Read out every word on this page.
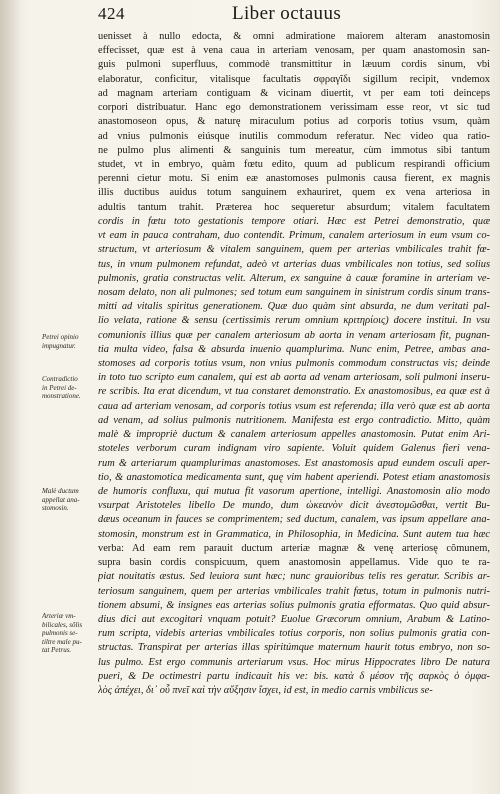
424	Liber octauus
uenisset à nullo edocta, & omni admiratione maiorem alteram anastomosin
effecisset, quæ est à vena caua in arteriam venosam, per quam anastomosin san-
guis pulmoni superfluus, commodè transmittitur in læuum cordis sinum, vbi
elaboratur, conficitur, vitalisque facultatis σφραγῖδι sigillum recipit, vndemox
ad magnam arteriam contiguam & vicinam diuertit, vt per eam toti deinceps
corpori distribuatur. Hanc ego demonstrationem verissimam esse reor, vt sic tud
anastomoseon opus, & naturę miraculum potius ad corporis totius vsum, quàm
ad vnius pulmonis eiúsque inutilis commodum referatur. Nec video qua ratio-
ne pulmo plus alimenti & sanguinis tum mereatur, cùm immotus sibi tantum
studet, vt in embryo, quàm fœtu edito, quum ad publicum respirandi officium
perenni cietur motu. Si enim eæ anastomoses pulmonis causa fierent, ex magnis
illis ductibus auidus totum sanguinem exhauriret, quem ex vena arteriosa in
adultis tantum trahit. Præterea hoc sequeretur absurdum; vitalem facultatem
cordis in fœtu toto gestationis tempore otiari. Hæc est Petrei demonstratio, quæ
vt eam in pauca contraham, duo contendit. Primum, canalem arteriosum in eum vsum co-
structum, vt arteriosum & vitalem sanguinem, quem per arterias vmbilicales trahit fœ-
tus, in vnum pulmonem refundat, adeò vt arterias duas vmbilicales non totius, sed solius
pulmonis, gratia constructas velit. Alterum, ex sanguine à cauæ foramine in arteriam ve-
nosam delato, non ali pulmones; sed totum eum sanguinem in sinistrum cordis sinum trans-
mitti ad vitalis spiritus generationem. Quæ duo quàm sint absurda, ne dum veritati pal-
lio velata, ratione & sensu (certissimis rerum omnium κριτηρίοις) docere institui. In vsu
comunionis illius quæ per canalem arteriosum ab aorta in venam arteriosam fit, pugnan-
tia multa video, falsa & absurda inuenio quamplurima. Nunc enim, Petree, ambas ana-
stomoses ad corporis totius vsum, non vnius pulmonis commodum constructas vis; deinde
in toto tuo scripto eum canalem, qui est ab aorta ad venam arteriosam, soli pulmoni inseru-
re scribis. Ita erat dicendum, vt tua constaret demonstratio. Ex anastomosibus, ea quæ est à
caua ad arteriam venosam, ad corporis totius vsum est referenda; illa verò quæ est ab aorta
ad venam, ad solius pulmonis nutritionem. Manifesta est ergo contradictio. Mitto, quàm
malè & impropriè ductum & canalem arteriosum appelles anastomosin. Putat enim Ari-
stoteles verborum curam indignam viro sapiente. Voluit quidem Galenus fieri vena-
rum & arteriarum quamplurimas anastomoses. Est anastomosis apud eundem osculi aper-
tio, & anastomotica medicamenta sunt, quę vim habent aperiendi. Potest etiam anastomosis
de humoris confluxu, qui mutua fit vasorum apertione, intelligi. Anastomosin alio modo
vsurpat Aristoteles libello De mundo, dum ὠκεανὸν dicit ἀνεστομῶσθαι, vertit Bu-
dæus oceanum in fauces se comprimentem; sed ductum, canalem, vas ipsum appellare ana-
stomosin, monstrum est in Grammatica, in Philosophia, in Medicina. Sunt autem tua hæc
verba: Ad eam rem parauit ductum arteriæ magnæ & venę arteriosę cõmunem,
supra basin cordis conspicuum, quem anastomosin appellamus. Vide quo te ra-
piat nouitatis æstus. Sed leuiora sunt hæc; nunc grauioribus telis res geratur. Scribis ar-
teriosum sanguinem, quem per arterias vmbilicales trahit fœtus, totum in pulmonis nutri-
tionem absumi, & insignes eas arterias solius pulmonis gratia efformatas. Quo quid absur-
dius dici aut excogitari vnquam potuit? Euolue Græcorum omnium, Arabum & Latino-
rum scripta, videbis arterias vmbilicales totius corporis, non solius pulmonis gratia con-
structas. Transpirat per arterias illas spiritúmque maternum haurit totus embryo, non so-
lus pulmo. Est ergo communis arteriarum vsus. Hoc mirus Hippocrates libro De natura
pueri, & De octimestri partu indicauit his ve: bis. κατὰ δ μέσον τῆς σαρκὸς ὁ ὀμφα-
λὸς ἀπέχει, δι᾽ οὗ πνεῖ καὶ τὴν αὔξησιν ἴσχει, id est, in medio carnis vmbilicus se-
Petrei opinio
impugnatur.
Contradictio
in Petrei de-
monstratione.
Malè ductum
appellat ana-
stomosin.
Arteriæ vm-
bilicales, sõlis
pulmonis se-
tiltre male pu-
tat Petrus.
